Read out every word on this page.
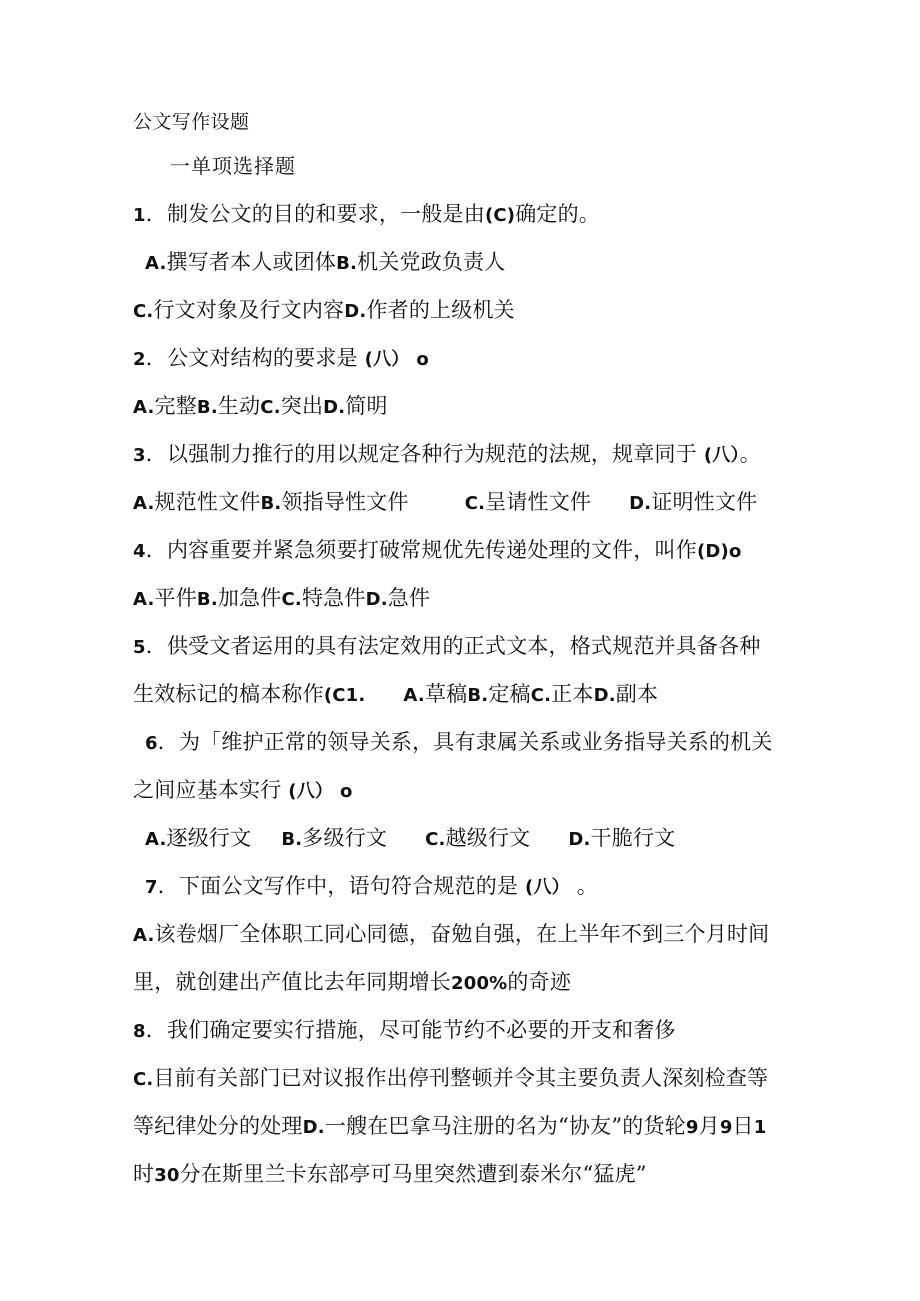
公文写作设题
一单项选择题
1．制发公文的目的和要求，一般是由(C)确定的。
A.撰写者本人或团体B.机关党政负责人
C.行文对象及行文内容D.作者的上级机关
2．公文对结构的要求是 (八） o
A.完整B.生动C.突出D.简明
3．以强制力推行的用以规定各种行为规范的法规，规章同于 (八）。
A.规范性文件B.领指导性文件	C.呈请性文件 D.证明性文件
4．内容重要并紧急须要打破常规优先传递处理的文件，叫作(D)o
A.平件B.加急件C.特急件D.急件
5．供受文者运用的具有法定效用的正式文本，格式规范并具备各种
生效标记的槁本称作(C1. A.草稿B.定稿C.正本D.副本
6．为「维护正常的领导关系，具有隶属关系或业务指导关系的机关
之间应基本实行 (八） o
A.逐级行文 B.多级行文 C.越级行文 D.干脆行文
7．下面公文写作中，语句符合规范的是 (八） 。
A.该卷烟厂全体职工同心同德，奋勉自强，在上半年不到三个月时间
里，就创建出产值比去年同期增长200%的奇迹
8．我们确定要实行措施，尽可能节约不必要的开支和奢侈
C.目前有关部门已对议报作出停刊整顿并令其主要负责人深刻检查等
等纪律处分的处理D.一艘在巴拿马注册的名为“协友”的货轮9月9日1
时30分在斯里兰卡东部亭可马里突然遭到泰米尔“猛虎”
